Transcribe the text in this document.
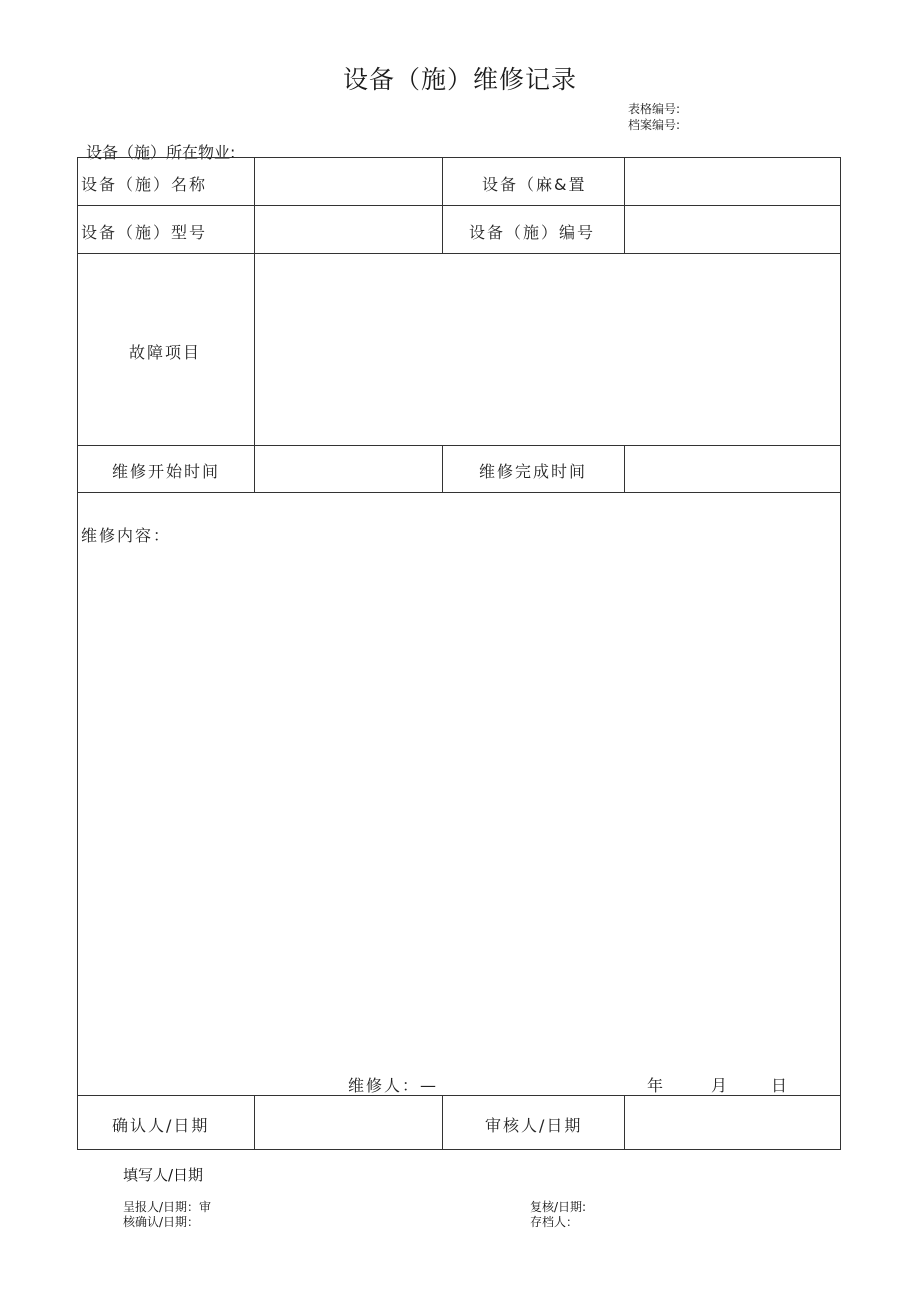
设备（施）维修记录
表格编号:
档案编号:
设备（施）所在物业:
设备（施）名称	设备（麻&置
设备（施）型号	设备（施）编号
故障项目
维修开始时间	维修完成时间
维修内容：
维修人：—	年	月	日
确认人/日期	审核人/日期
填写人/日期
呈报人/日期：审
核确认/日期：
复核/日期:
存档人：
